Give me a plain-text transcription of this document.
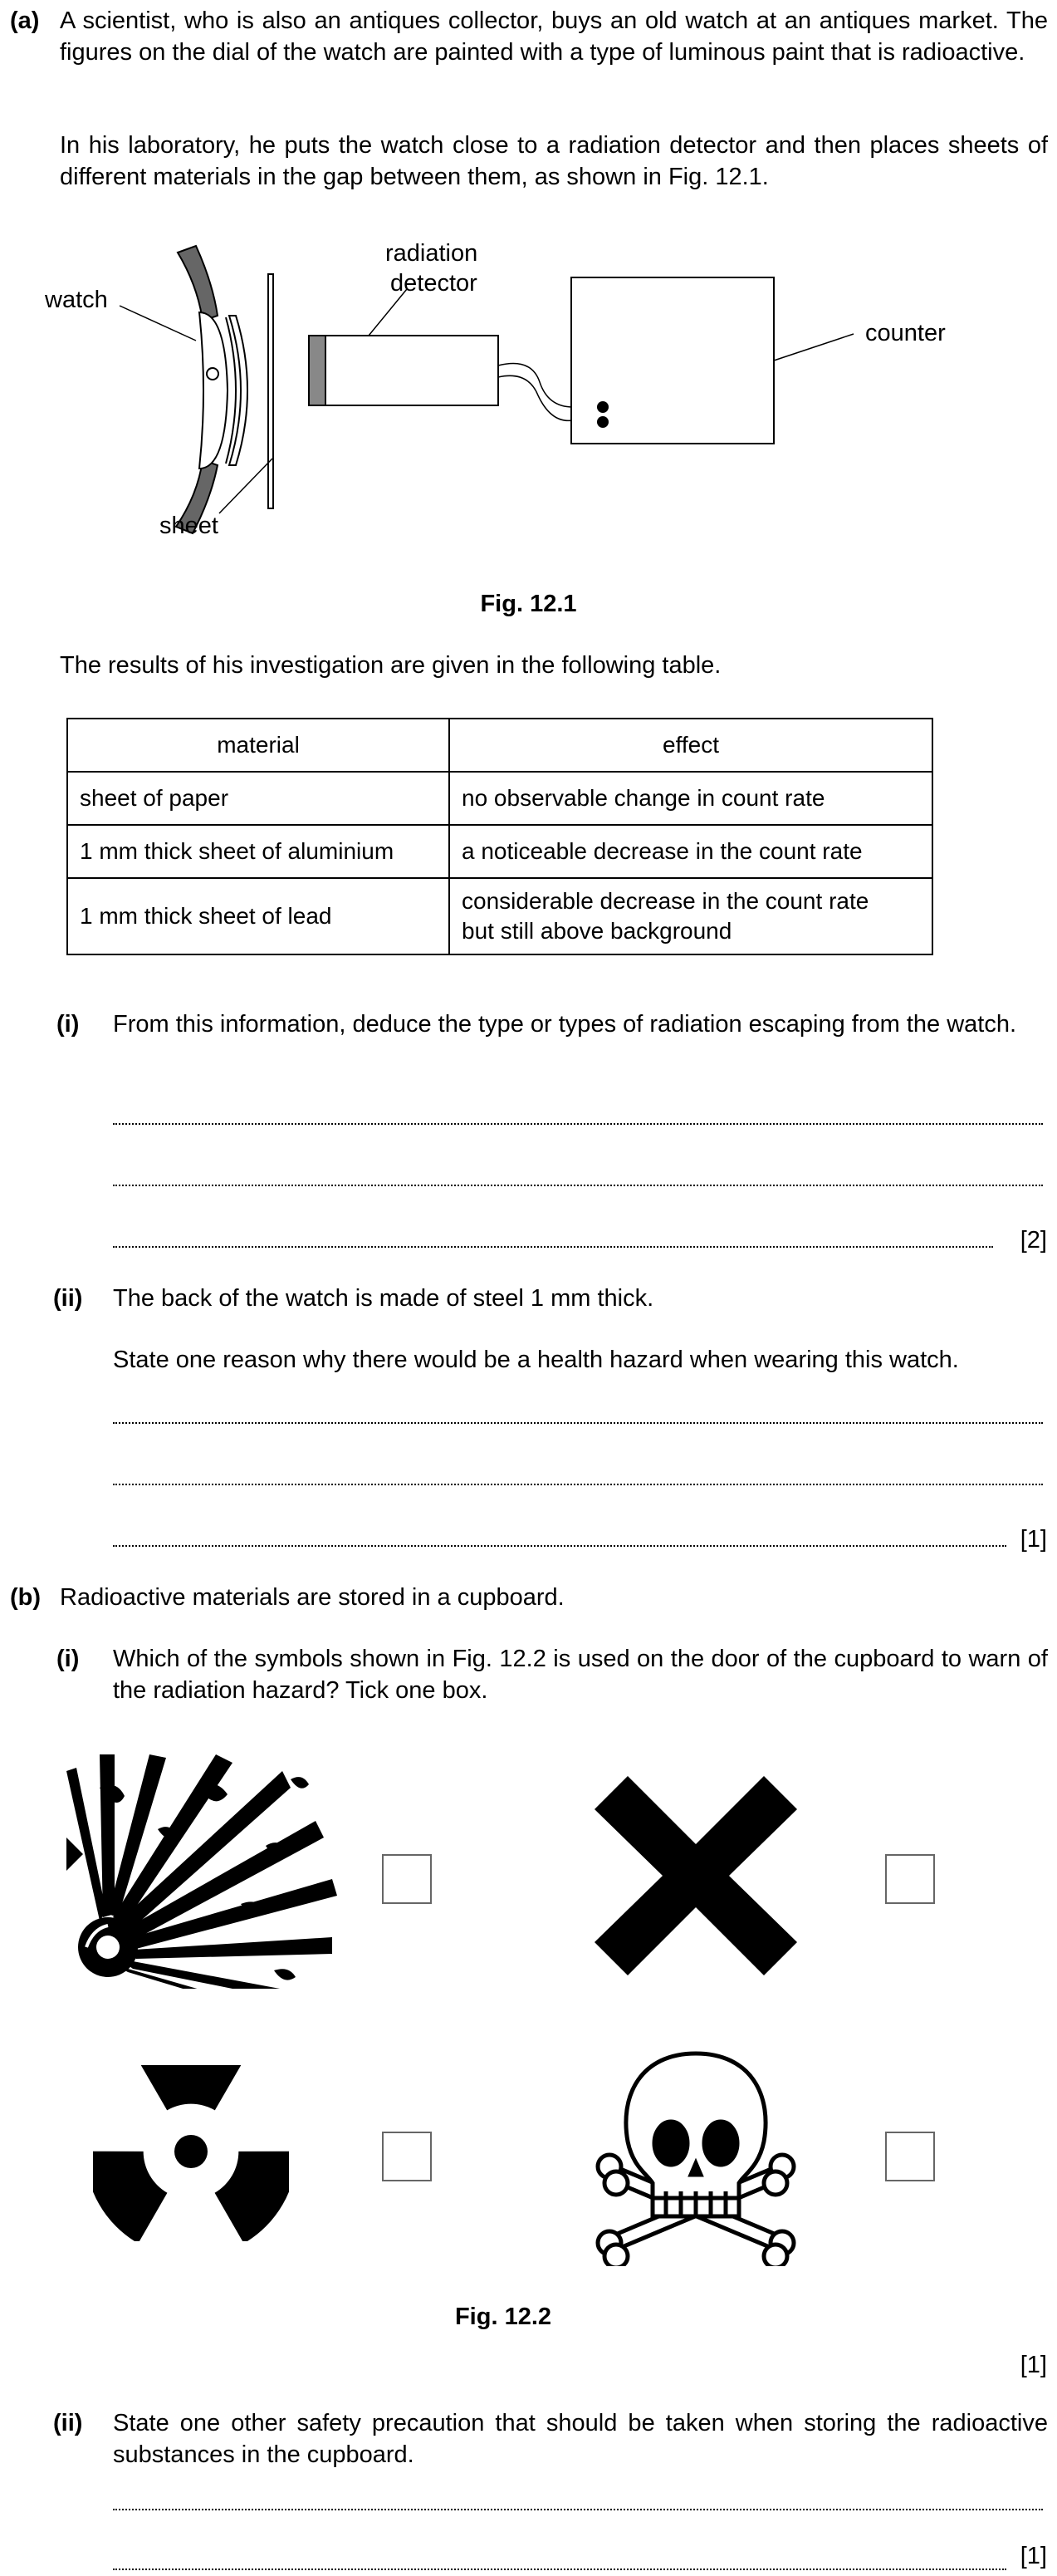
(a) A scientist, who is also an antiques collector, buys an old watch at an antiques market. The figures on the dial of the watch are painted with a type of luminous paint that is radioactive.
In his laboratory, he puts the watch close to a radiation detector and then places sheets of different materials in the gap between them, as shown in Fig. 12.1.
watch
radiation
detector
counter
sheet
Fig. 12.1
The results of his investigation are given in the following table.
material	effect
sheet of paper	no observable change in count rate
1 mm thick sheet of aluminium	a noticeable decrease in the count rate
1 mm thick sheet of lead	considerable decrease in the count rate
but still above background
(i) From this information, deduce the type or types of radiation escaping from the watch.
[2]
(ii) The back of the watch is made of steel 1 mm thick.
State one reason why there would be a health hazard when wearing this watch.
[1]
(b) Radioactive materials are stored in a cupboard.
(i) Which of the symbols shown in Fig. 12.2 is used on the door of the cupboard to warn of the radiation hazard? Tick one box.
Fig. 12.2
[1]
(ii) State one other safety precaution that should be taken when storing the radioactive substances in the cupboard.
[1]
